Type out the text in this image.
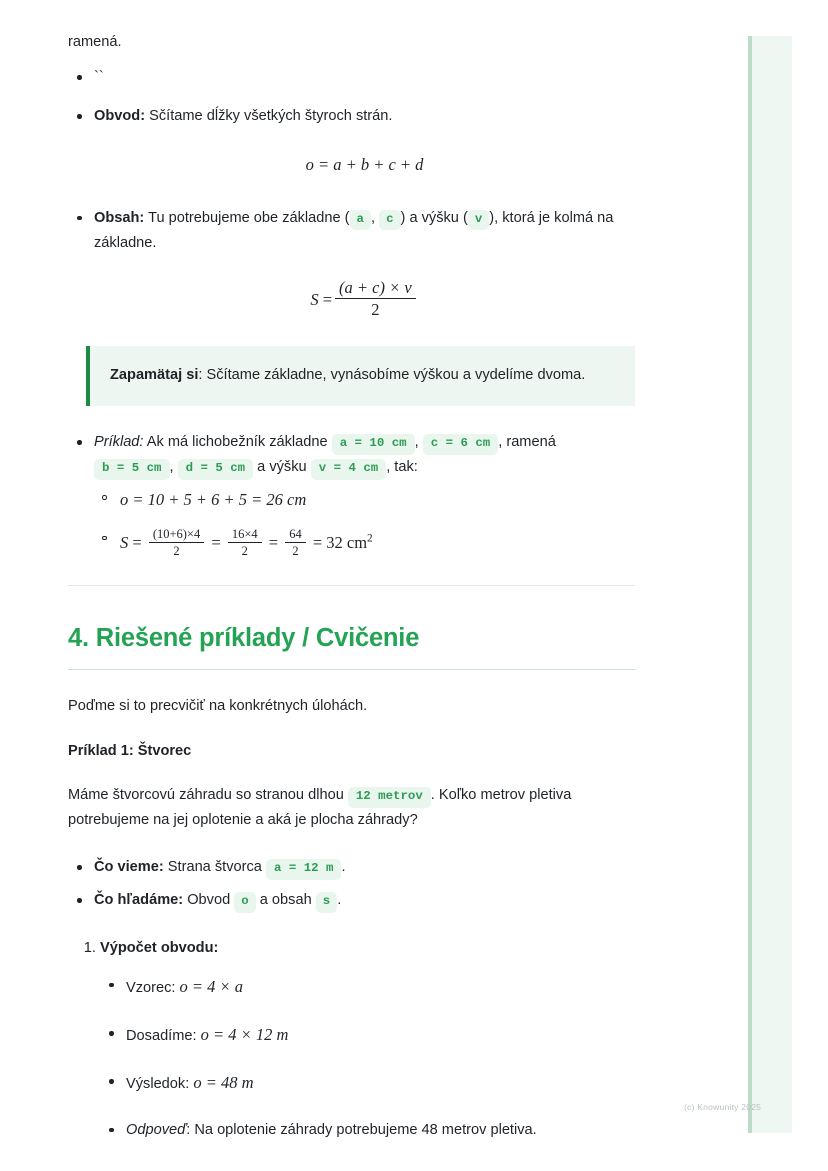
ramená.

``
Obvod: Sčítame dĺžky všetkých štyroch strán.
o = a + b + c + d
Obsah: Tu potrebujeme obe základne ( a , c ) a výšku ( v ), ktorá je kolmá na základne.
$S = \frac{(a + c) \times v}{2}$

Zapamätaj si: Sčítame základne, vynásobíme výškou a vydelíme dvoma.

Príklad: Ak má lichobežník základne a = 10 cm , c = 6 cm , ramená b = 5 cm , d = 5 cm a výšku v = 4 cm , tak:
o = 10 + 5 + 6 + 5 = 26 cm
$S = \frac{(10+6)\times 4}{2} = \frac{16\times 4}{2} = \frac{64}{2} = 32$ $cm^2$
4. Riešené príklady / Cvičenie

Poďme si to precvičiť na konkrétnych úlohách.

Príklad 1: Štvorec

Máme štvorcovú záhradu so stranou dlhou 12 metrov . Koľko metrov pletiva potrebujeme na jej oplotenie a aká je plocha záhrady?

Čo vieme: Strana štvorca a = 12 m .
Čo hľadáme: Obvod o a obsah s .
1. Výpočet obvodu:
Vzorec: o = 4 × a
Dosadíme: o = 4 × 12 m
Výsledok: o = 48 m
Odpoveď: Na oplotenie záhrady potrebujeme 48 metrov pletiva.
(c) Knowunity 2025
